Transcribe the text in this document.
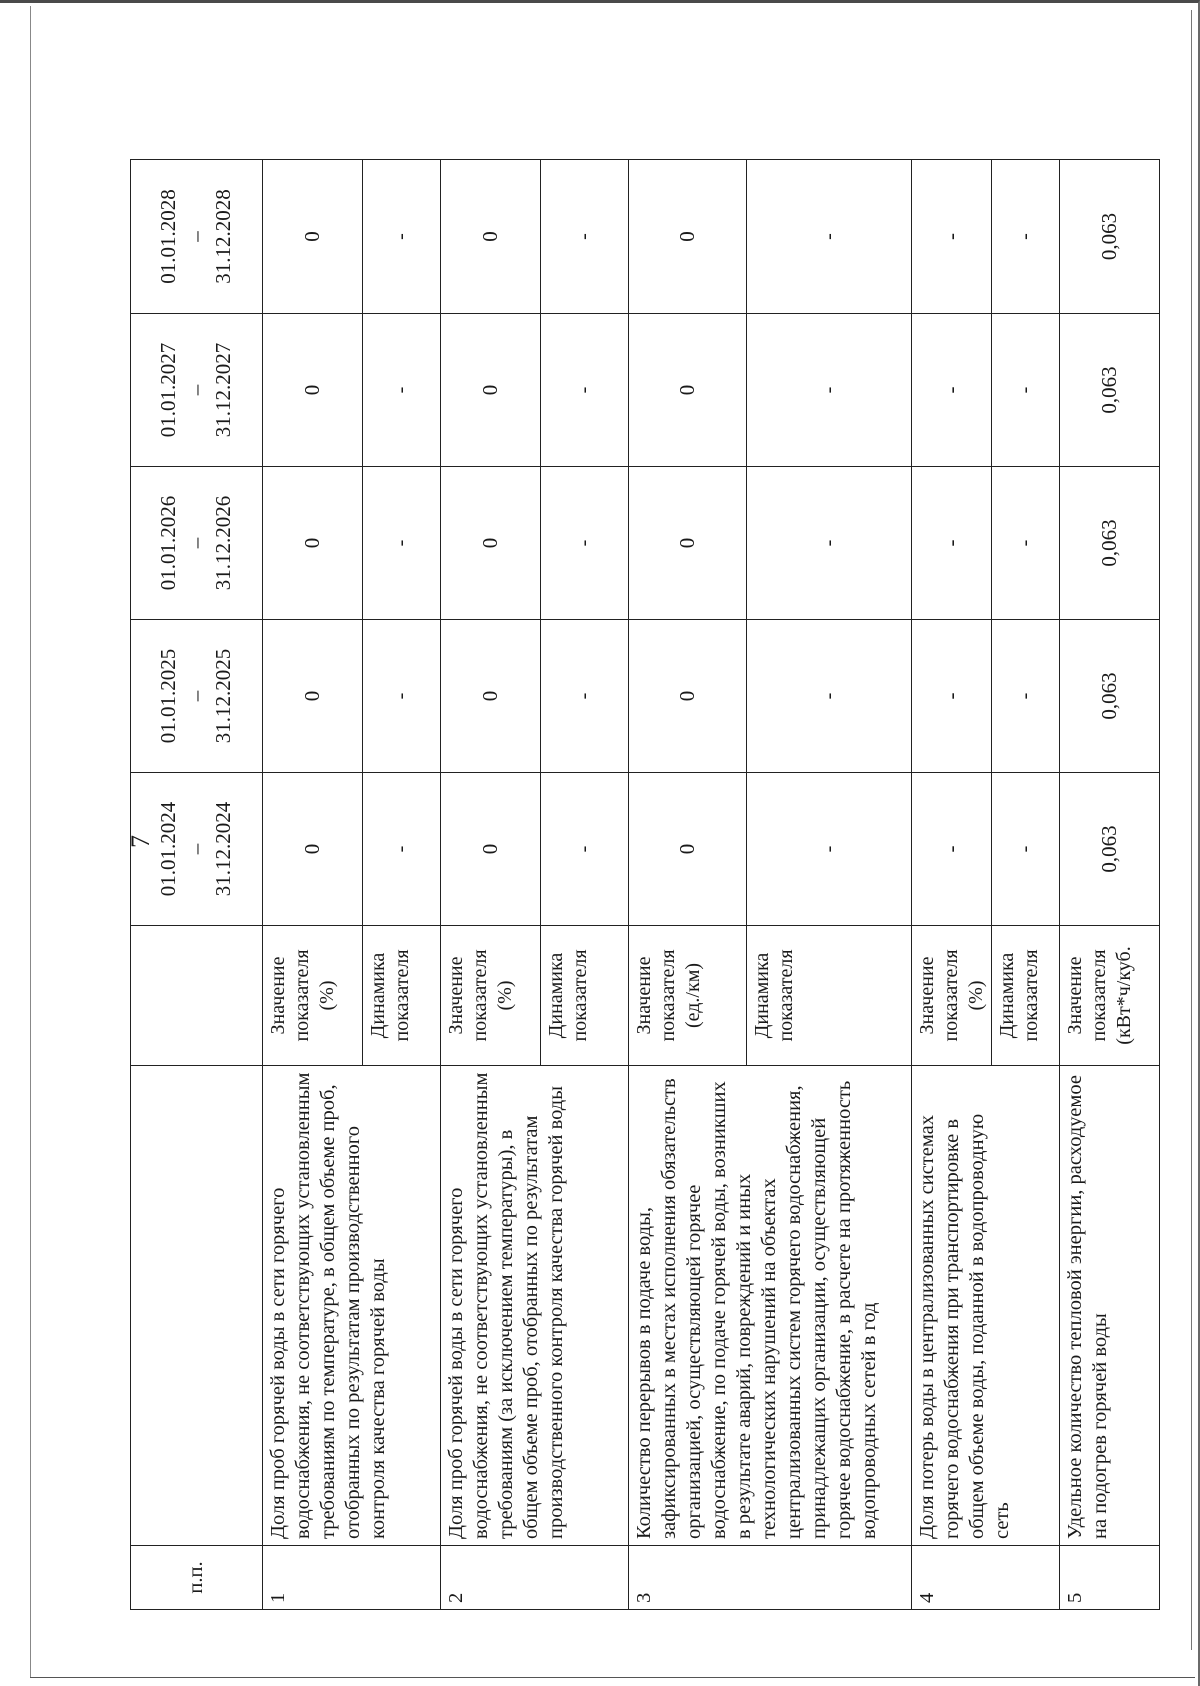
7
п.п.			01.01.2024 – 31.12.2024	01.01.2025 – 31.12.2025	01.01.2026 – 31.12.2026	01.01.2027 – 31.12.2027	01.01.2028 – 31.12.2028
1	Доля проб горячей воды в сети горячего водоснабжения, не соответствующих установленным требованиям по температуре, в общем объеме проб, отобранных по результатам производственного контроля качества горячей воды	Значение показателя (%)	0	0	0	0	0
		Динамика показателя	-	-	-	-	-
2	Доля проб горячей воды в сети горячего водоснабжения, не соответствующих установленным требованиям (за исключением температуры), в общем объеме проб, отобранных по результатам производственного контроля качества горячей воды	Значение показателя (%)	0	0	0	0	0
		Динамика показателя	-	-	-	-	-
3	Количество перерывов в подаче воды, зафиксированных в местах исполнения обязательств организацией, осуществляющей горячее водоснабжение, по подаче горячей воды, возникших в результате аварий, повреждений и иных технологических нарушений на объектах централизованных систем горячего водоснабжения, принадлежащих организации, осуществляющей горячее водоснабжение, в расчете на протяженность водопроводных сетей в год	Значение показателя (ед./км)	0	0	0	0	0
		Динамика показателя	-	-	-	-	-
4	Доля потерь воды в централизованных системах горячего водоснабжения при транспортировке в общем объеме воды, поданной в водопроводную сеть	Значение показателя (%)	-	-	-	-	-
		Динамика показателя	-	-	-	-	-
5	Удельное количество тепловой энергии, расходуемое на подогрев горячей воды	Значение показателя (кВт*ч/куб.	0,063	0,063	0,063	0,063	0,063
